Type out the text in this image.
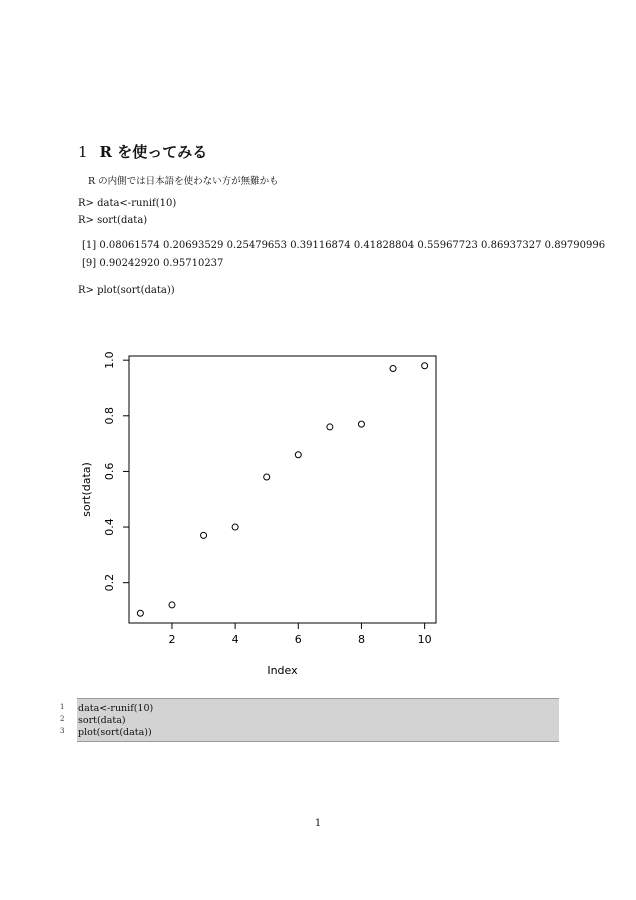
1 R を使ってみる
R の内側では日本語を使わない方が無難かも
R> data<-runif(10)
R> sort(data)
[1] 0.08061574 0.20693529 0.25479653 0.39116874 0.41828804 0.55967723 0.86937327 0.89790996
[9] 0.90242920 0.95710237
R> plot(sort(data))
2	4	6	8	10
0.2
0.4
0.6
0.8
1.0
Index
sort(data)
1 data<-runif(10)
2 sort(data)
3 plot(sort(data))
1
